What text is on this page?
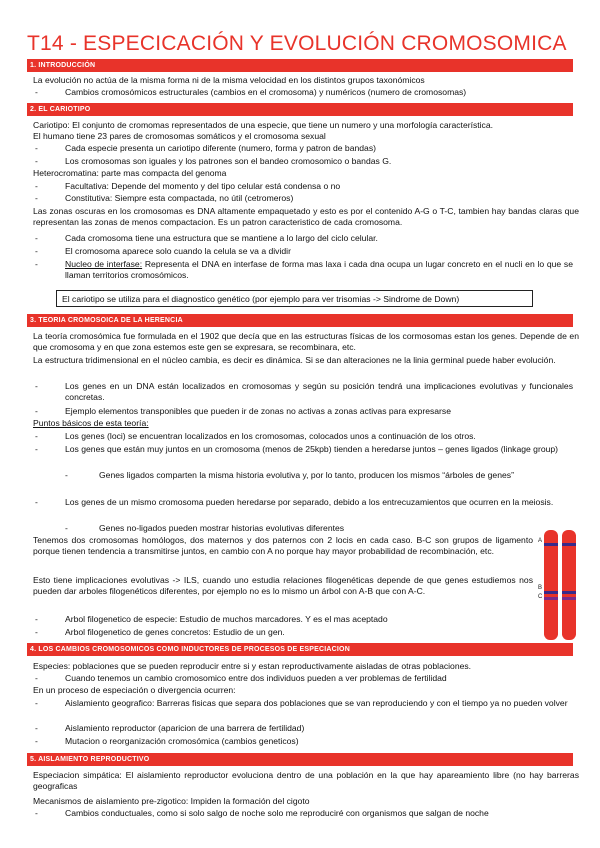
T14 - ESPECICACIÓN Y EVOLUCIÓN CROMOSOMICA
1. INTRODUCCIÓN
La evolución no actúa de la misma forma ni de la misma velocidad en los distintos grupos taxonómicos
-	Cambios cromosómicos estructurales (cambios en el cromosoma) y numéricos (numero de cromosomas)
2. EL CARIOTIPO
Cariotipo: El conjunto de cromomas representados de una especie, que tiene un numero y una morfología característica.
El humano tiene 23 pares de cromosomas somáticos y el cromosoma sexual
-	Cada especie presenta un cariotipo diferente (numero, forma y patron de bandas)
-	Los cromosomas son iguales y los patrones son el bandeo cromosomico o bandas G.
Heterocromatina: parte mas compacta del genoma
-	Facultativa: Depende del momento y del tipo celular está condensa o no
-	Constitutiva: Siempre esta compactada, no útil (cetromeros)
Las zonas oscuras en los cromosomas es DNA altamente empaquetado y esto es por el contenido A-G o T-C, tambien hay bandas claras que representan las zonas de menos compactacion. Es un patron caracteristico de cada cromosoma.
-	Cada cromosoma tiene una estructura que se mantiene a lo largo del ciclo celular.
-	El cromosoma aparece solo cuando la celula se va a dividir
-	Nucleo de interfase: Representa el DNA en interfase de forma mas laxa i cada dna ocupa un lugar concreto en el nucli en lo que se llaman territorios cromosómicos.
El cariotipo se utiliza para el diagnostico genético (por ejemplo para ver trisomias -> Sindrome de Down)
3. TEORIA CROMOSOICA DE LA HERENCIA
La teoría cromosómica fue formulada en el 1902 que decía que en las estructuras físicas de los cormosomas estan los genes. Depende de en que cromosoma y en que zona estemos este gen se expresara, se recombinara, etc.
La estructura tridimensional en el núcleo cambia, es decir es dinámica. Si se dan alteraciones ne la linia germinal puede haber evolución.
-	Los genes en un DNA están localizados en cromosomas y según su posición tendrá una implicaciones evolutivas y funcionales concretas.
-	Ejemplo elementos transponibles que pueden ir de zonas no activas a zonas activas para expresarse
Puntos básicos de esta teoría:
-	Los genes (loci) se encuentran localizados en los cromosomas, colocados unos a continuación de los otros.
-	Los genes que están muy juntos en un cromosoma (menos de 25kpb) tienden a heredarse juntos – genes ligados (linkage group)
-	Genes ligados comparten la misma historia evolutiva y, por lo tanto, producen los mismos “árboles de genes”
-	Los genes de un mismo cromosoma pueden heredarse por separado, debido a los entrecuzamientos que ocurren en la meiosis.
-	Genes no-ligados pueden mostrar historias evolutivas diferentes
Tenemos dos cromosomas homólogos, dos maternos y dos paternos con 2 locis en cada caso. B-C son grupos de ligamento porque tienen tendencia a transmitirse juntos, en cambio con A no porque hay mayor probabilidad de recombinación, etc.
Esto tiene implicaciones evolutivas -> ILS, cuando uno estudia relaciones filogenéticas depende de que genes estudiemos nos pueden dar arboles filogenéticos diferentes, por ejemplo no es lo mismo un árbol con A-B que con A-C.
-	Arbol filogenetico de especie: Estudio de muchos marcadores. Y es el mas aceptado
-	Arbol filogenetico de genes concretos: Estudio de un gen.
A
B
C
4. LOS CAMBIOS CROMOSOMICOS COMO INDUCTORES DE PROCESOS DE ESPECIACION
Especies: poblaciones que se pueden reproducir entre si y estan reproductivamente aisladas de otras poblaciones.
-	Cuando tenemos un cambio cromosomico entre dos individuos pueden a ver problemas de fertilidad
En un proceso de especiación o divergencia ocurren:
-	Aislamiento geografico: Barreras fisicas que separa dos poblaciones que se van reproduciendo y con el tiempo ya no pueden volver
-	Aislamiento reproductor (aparicion de una barrera de fertilidad)
-	Mutacion o reorganización cromosómica (cambios geneticos)
5. AISLAMIENTO REPRODUCTIVO
Especiacion simpática: El aislamiento reproductor evoluciona dentro de una población en la que hay apareamiento libre (no hay barreras geograficas
Mecanismos de aislamiento pre-zigotico: Impiden la formación del cigoto
-	Cambios conductuales, como si solo salgo de noche solo me reproduciré con organismos que salgan de noche
